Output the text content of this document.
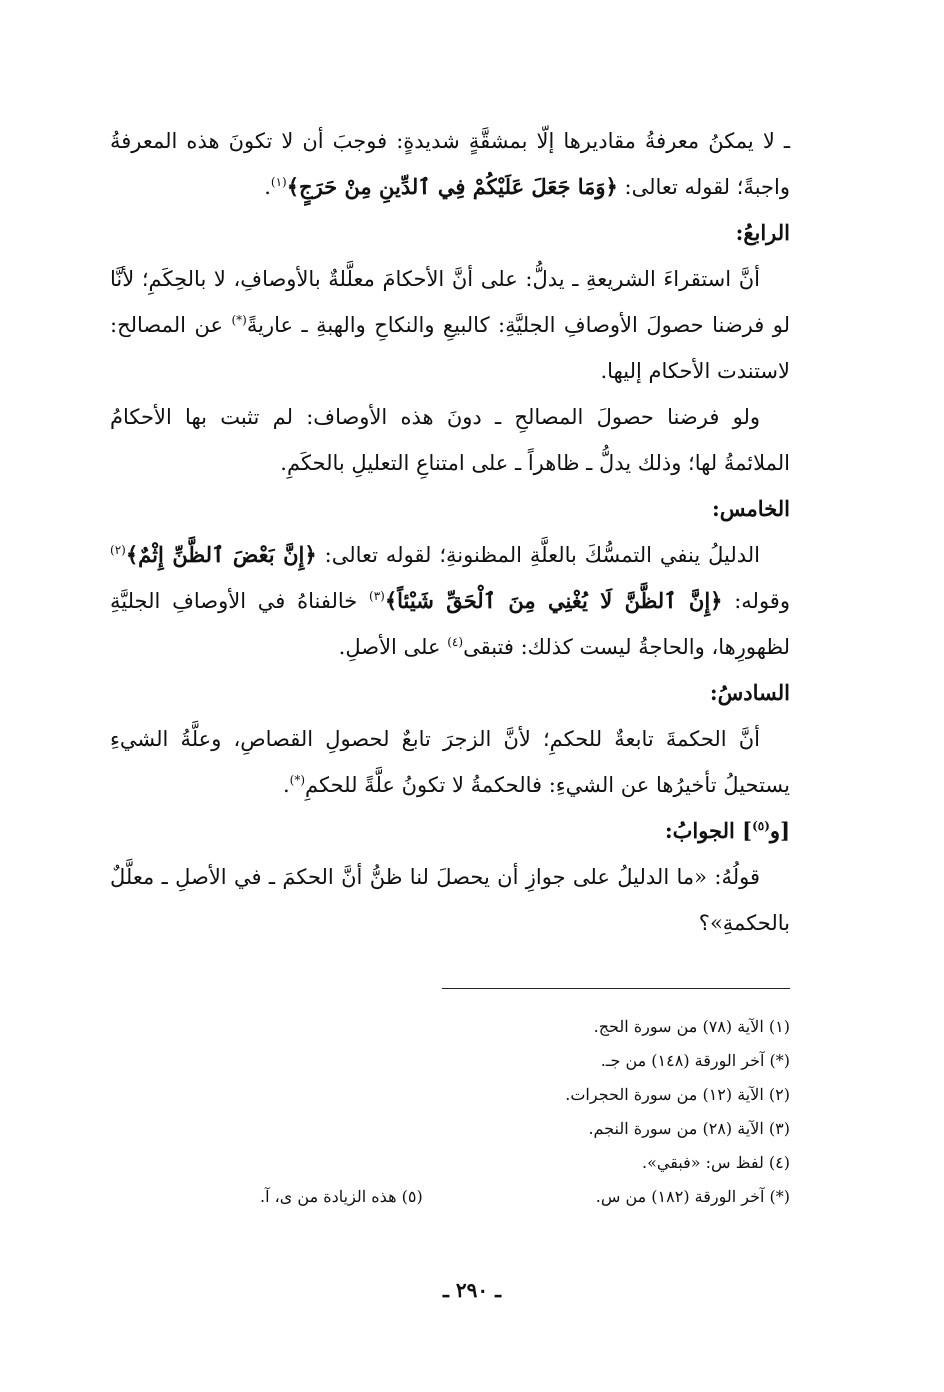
ـ لا يمكنُ معرفةُ مقاديرها إلّا بمشقَّةٍ شديدةٍ: فوجبَ أن لا تكونَ هذه المعرفةُ واجبةً؛ لقوله تعالى: ﴿وَمَا جَعَلَ عَلَيْكُمْ فِي ٱلدِّينِ مِنْ حَرَجٍ﴾$^{(١)}$.

الرابعُ:

أنَّ استقراءَ الشريعةِ ـ يدلُّ: على أنَّ الأحكامَ معلَّلةٌ بالأوصافِ، لا بالحِكَمِ؛ لأنَّا لو فرضنا حصولَ الأوصافِ الجليَّةِ: كالبيعِ والنكاحِ والهبةِ ـ عاريةً(*) عن المصالح: لاستندت الأحكام إليها.

ولو فرضنا حصولَ المصالحِ ـ دونَ هذه الأوصاف: لم تثبت بها الأحكامُ الملائمةُ لها؛ وذلك يدلُّ ـ ظاهراً ـ على امتناعِ التعليلِ بالحكَمِ.

الخامس:

الدليلُ ينفي التمسُّكَ بالعلَّةِ المظنونةِ؛ لقوله تعالى: ﴿إِنَّ بَعْضَ ٱلظَّنِّ إِثْمٌ﴾$^{(٢)}$ وقوله: ﴿إِنَّ ٱلظَّنَّ لَا يُغْنِي مِنَ ٱلْحَقِّ شَيْئاً﴾$^{(٣)}$ خالفناهُ في الأوصافِ الجليَّةِ لظهورِها، والحاجةُ ليست كذلك: فتبقى$^{(٤)}$ على الأصلِ.

السادسُ:

أنَّ الحكمةَ تابعةٌ للحكمِ؛ لأنَّ الزجرَ تابعٌ لحصولِ القصاصِ، وعلَّةُ الشيءِ يستحيلُ تأخيرُها عن الشيءِ: فالحكمةُ لا تكونُ علَّةً للحكمِ(*).

[و$^{(٥)}$] الجوابُ:

قولُهُ: «ما الدليلُ على جوازِ أن يحصلَ لنا ظنُّ أنَّ الحكمَ ـ في الأصلِ ـ معلَّلٌ بالحكمةِ»؟

(١) الآية (٧٨) من سورة الحج.

(*) آخر الورقة (١٤٨) من جـ.

(٢) الآية (١٢) من سورة الحجرات.

(٣) الآية (٢٨) من سورة النجم.

(٤) لفظ س: «فبقي».

(*) آخر الورقة (١٨٢) من س.
(٥) هذه الزيادة من ى، آ.
ـ ٢٩٠ ـ
